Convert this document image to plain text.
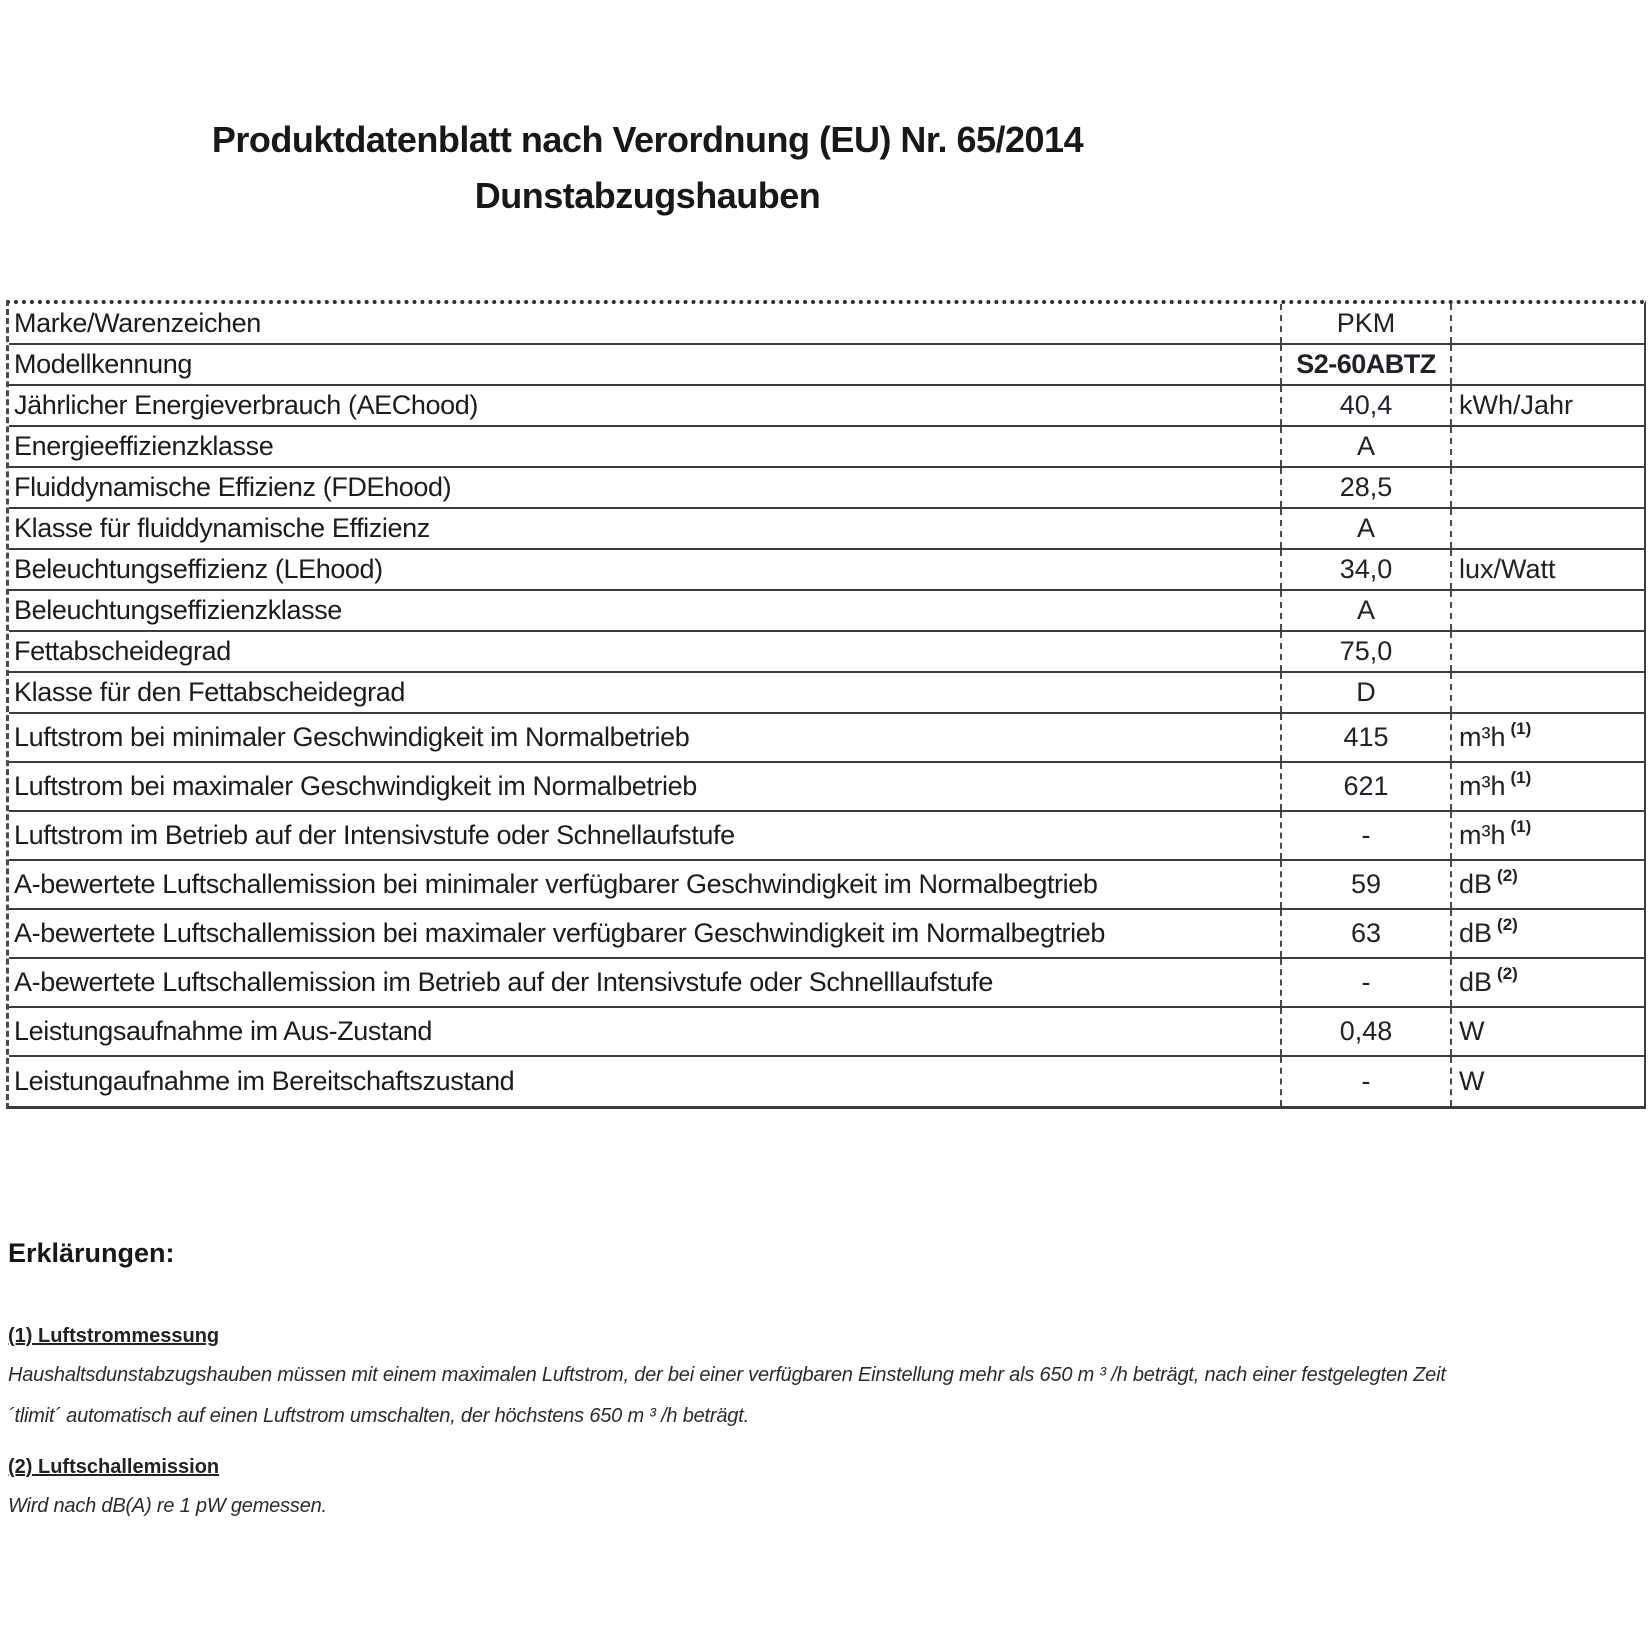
Produktdatenblatt nach Verordnung (EU) Nr. 65/2014
Dunstabzugshauben
Marke/Warenzeichen	PKM
Modellkennung	S2-60ABTZ
Jährlicher Energieverbrauch (AEChood)	40,4	kWh/Jahr
Energieeffizienzklasse	A
Fluiddynamische Effizienz (FDEhood)	28,5
Klasse für fluiddynamische Effizienz	A
Beleuchtungseffizienz (LEhood)	34,0	lux/Watt
Beleuchtungseffizienzklasse	A
Fettabscheidegrad	75,0
Klasse für den Fettabscheidegrad	D
Luftstrom bei minimaler Geschwindigkeit im Normalbetrieb	415	m³h (1)
Luftstrom bei maximaler Geschwindigkeit im Normalbetrieb	621	m³h (1)
Luftstrom im Betrieb auf der Intensivstufe oder Schnellaufstufe	-	m³h (1)
A-bewertete Luftschallemission bei minimaler verfügbarer Geschwindigkeit im Normalbegtrieb	59	dB (2)
A-bewertete Luftschallemission bei maximaler verfügbarer Geschwindigkeit im Normalbegtrieb	63	dB (2)
A-bewertete Luftschallemission im Betrieb auf der Intensivstufe oder Schnelllaufstufe	-	dB (2)
Leistungsaufnahme im Aus-Zustand	0,48	W
Leistungaufnahme im Bereitschaftszustand	-	W
Erklärungen:
(1) Luftstrommessung
Haushaltsdunstabzugshauben müssen mit einem maximalen Luftstrom, der bei einer verfügbaren Einstellung mehr als 650 m ³ /h beträgt, nach einer festgelegten Zeit
´tlimit´ automatisch auf einen Luftstrom umschalten, der höchstens 650 m ³ /h beträgt.
(2) Luftschallemission
Wird nach dB(A) re 1 pW gemessen.
